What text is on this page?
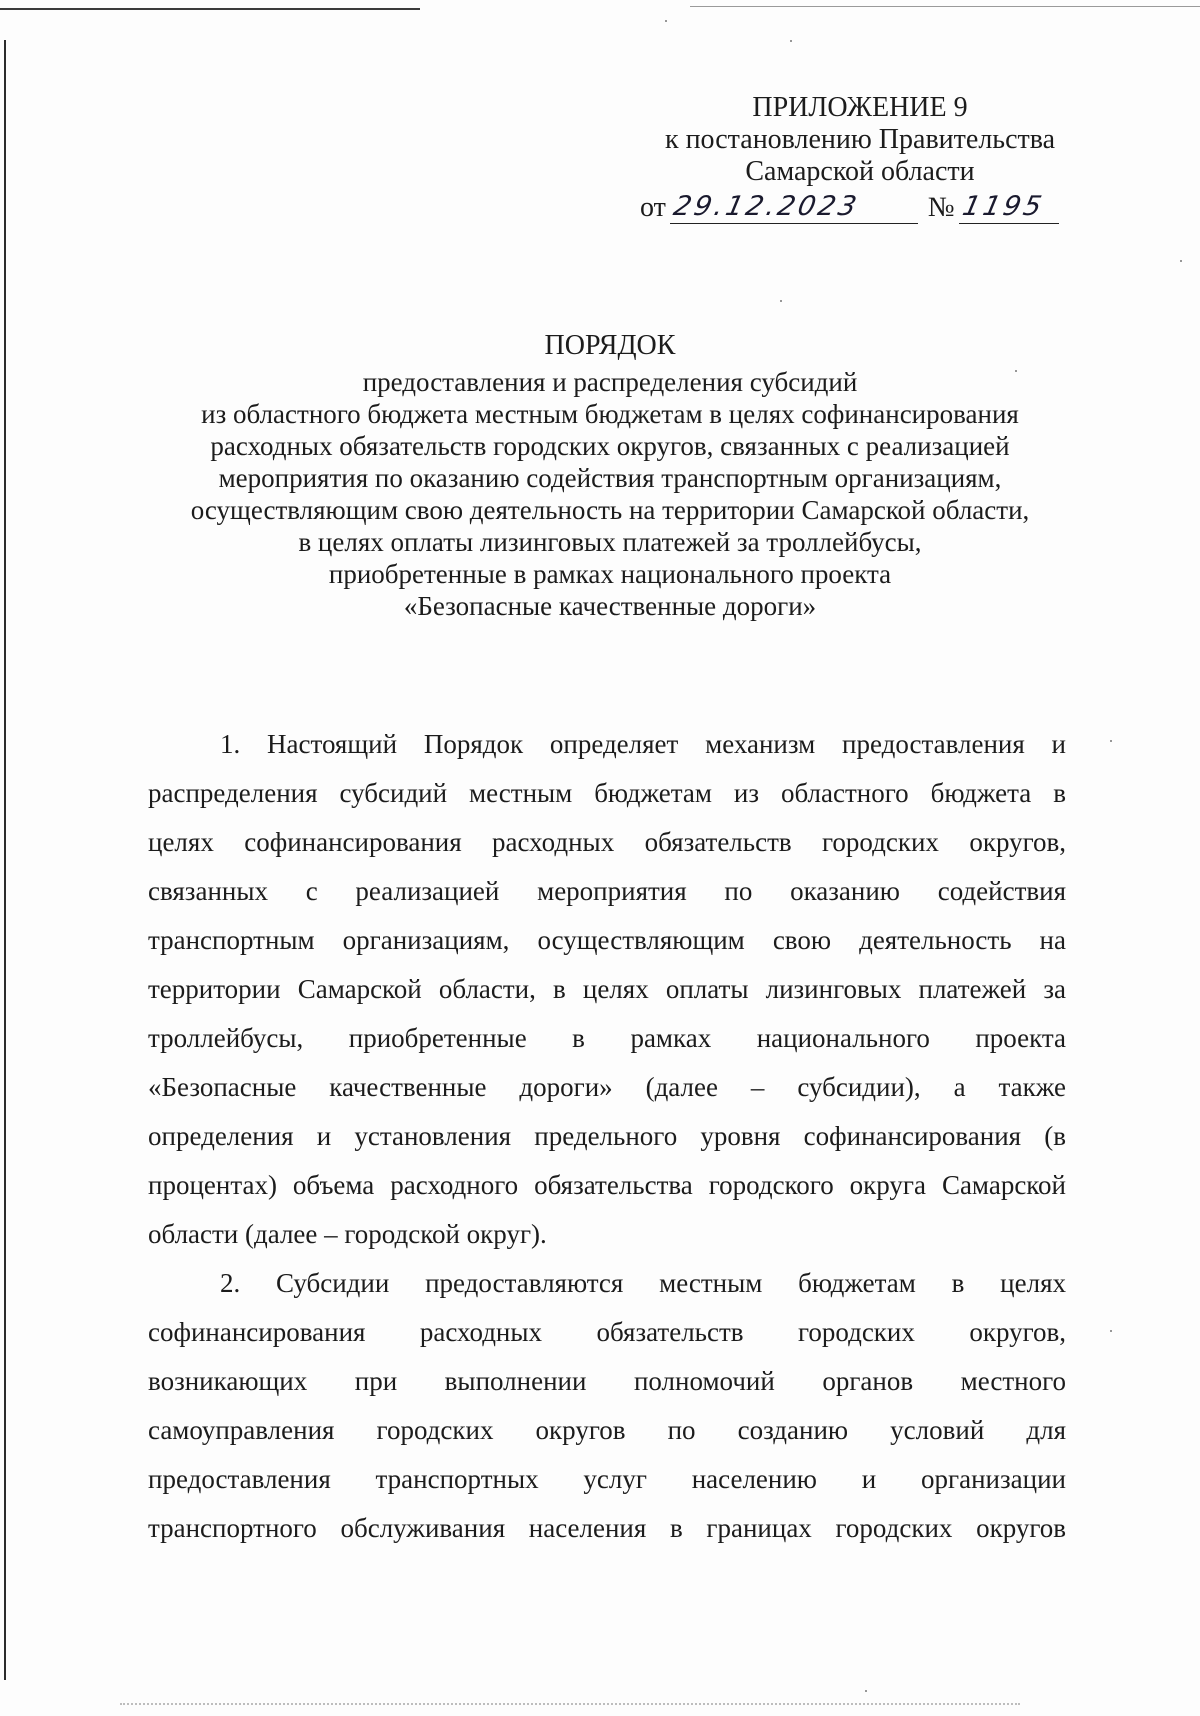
ПРИЛОЖЕНИЕ 9
к постановлению Правительства
Самарской области
от 29.12.2023 № 1195
ПОРЯДОК
предоставления и распределения субсидий
из областного бюджета местным бюджетам в целях софинансирования
расходных обязательств городских округов, связанных с реализацией
мероприятия по оказанию содействия транспортным организациям,
осуществляющим свою деятельность на территории Самарской области,
в целях оплаты лизинговых платежей за троллейбусы,
приобретенные в рамках национального проекта
«Безопасные качественные дороги»
1. Настоящий Порядок определяет механизм предоставления и
распределения субсидий местным бюджетам из областного бюджета в
целях софинансирования расходных обязательств городских округов,
связанных с реализацией мероприятия по оказанию содействия
транспортным организациям, осуществляющим свою деятельность на
территории Самарской области, в целях оплаты лизинговых платежей за
троллейбусы, приобретенные в рамках национального проекта
«Безопасные качественные дороги» (далее – субсидии), а также
определения и установления предельного уровня софинансирования (в
процентах) объема расходного обязательства городского округа Самарской
области (далее – городской округ).
2. Субсидии предоставляются местным бюджетам в целях
софинансирования расходных обязательств городских округов,
возникающих при выполнении полномочий органов местного
самоуправления городских округов по созданию условий для
предоставления транспортных услуг населению и организации
транспортного обслуживания населения в границах городских округов
